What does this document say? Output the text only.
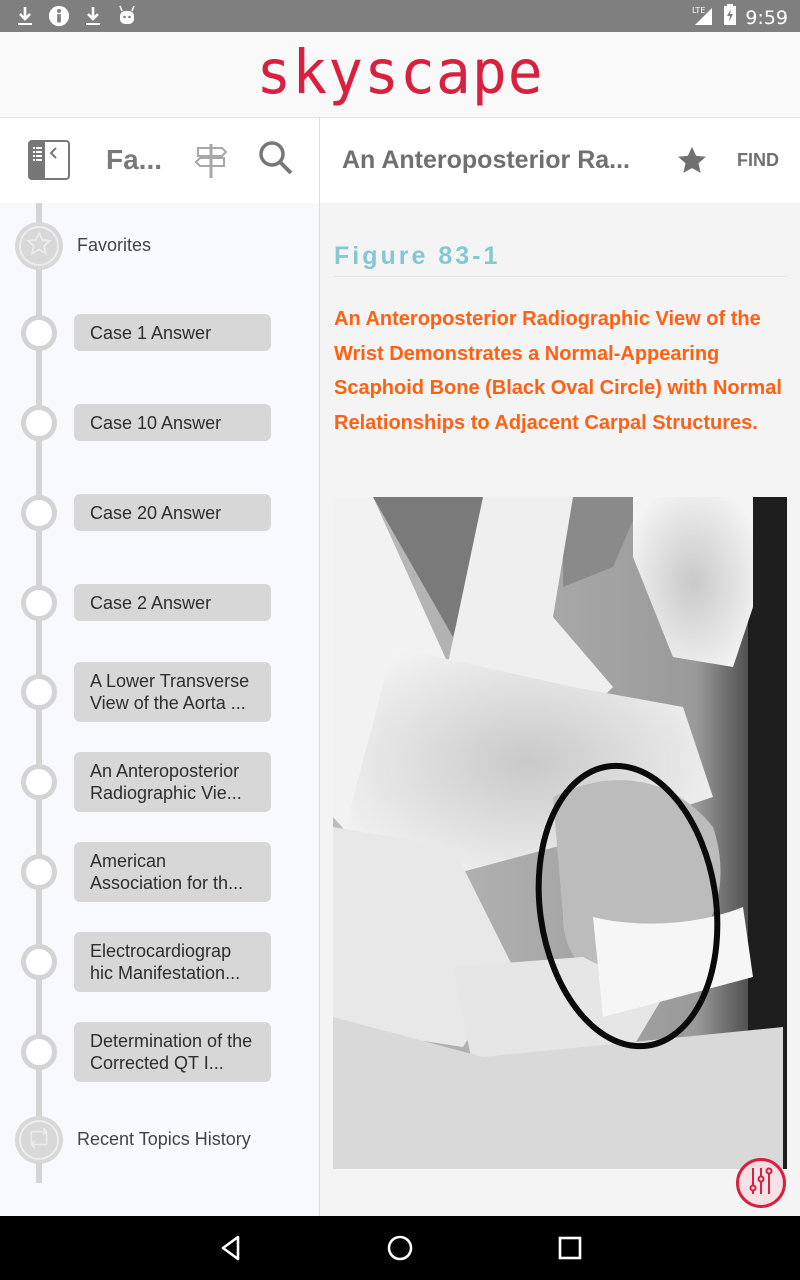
LTE 9:59
skyscape
Fa...
Favorites
Case 1 Answer
Case 10 Answer
Case 20 Answer
Case 2 Answer
A Lower Transverse View of the Aorta ...
An Anteroposterior Radiographic Vie...
American Association for th...
Electrocardiograp hic Manifestation...
Determination of the Corrected QT I...
Recent Topics History
An Anteroposterior Ra...	FIND
Figure 83-1
An Anteroposterior Radiographic View of the Wrist Demonstrates a Normal-Appearing Scaphoid Bone (Black Oval Circle) with Normal Relationships to Adjacent Carpal Structures.
